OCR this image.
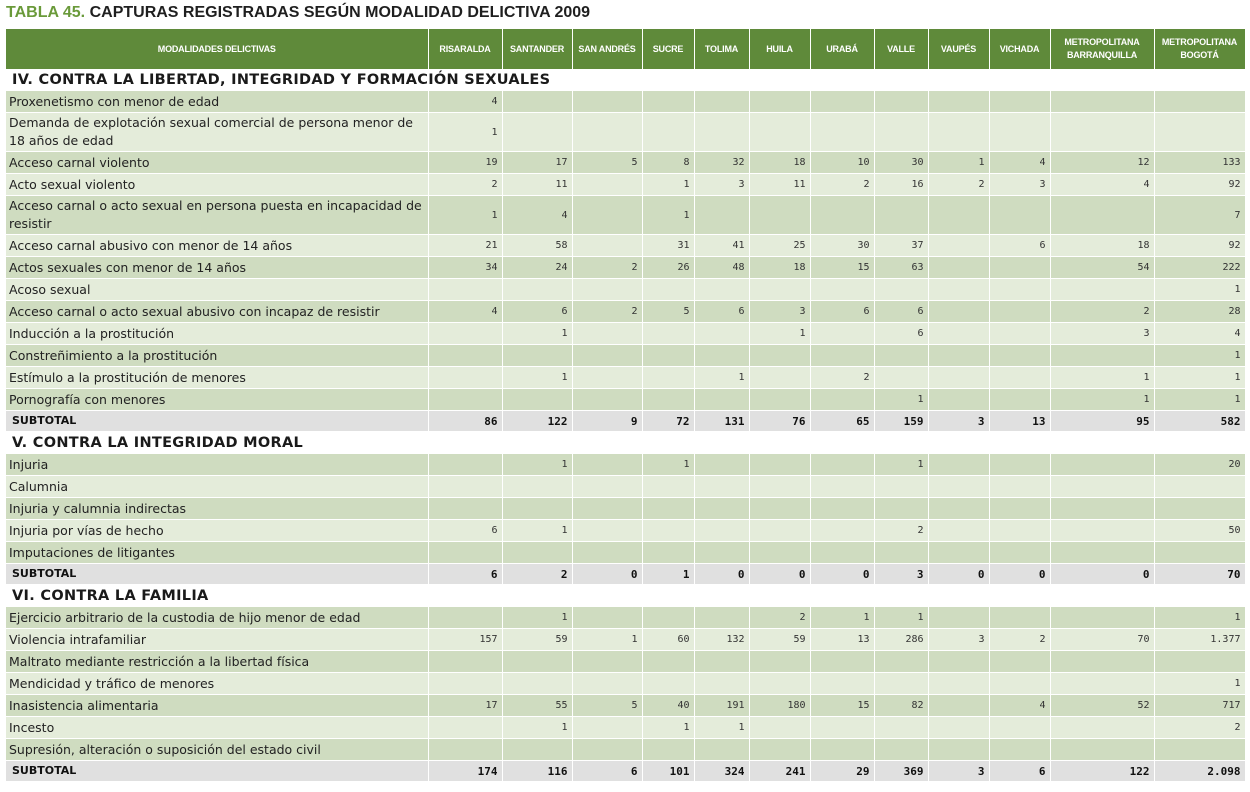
TABLA 45. CAPTURAS REGISTRADAS SEGÚN MODALIDAD DELICTIVA 2009
MODALIDADES DELICTIVAS	RISARALDA	SANTANDER	SAN ANDRÉS	SUCRE	TOLIMA	HUILA	URABÁ	VALLE	VAUPÉS	VICHADA	METROPOLITANA BARRANQUILLA	METROPOLITANA BOGOTÁ
IV. CONTRA LA LIBERTAD, INTEGRIDAD Y FORMACIÓN SEXUALES												
Proxenetismo con menor de edad	4											
Demanda de explotación sexual comercial de persona menor de 18 años de edad	1											
Acceso carnal violento	19	17	5	8	32	18	10	30	1	4	12	133
Acto sexual violento	2	11		1	3	11	2	16	2	3	4	92
Acceso carnal o acto sexual en persona puesta en incapacidad de resistir	1	4		1								7
Acceso carnal abusivo con menor de 14 años	21	58		31	41	25	30	37		6	18	92
Actos sexuales con menor de 14 años	34	24	2	26	48	18	15	63			54	222
Acoso sexual												1
Acceso carnal o acto sexual abusivo con incapaz de resistir	4	6	2	5	6	3	6	6			2	28
Inducción a la prostitución		1				1		6			3	4
Constreñimiento a la prostitución												1
Estímulo a la prostitución de menores		1			1		2				1	1
Pornografía con menores								1			1	1
SUBTOTAL	86	122	9	72	131	76	65	159	3	13	95	582
V. CONTRA LA INTEGRIDAD MORAL												
Injuria		1		1				1				20
Calumnia												
Injuria y calumnia indirectas												
Injuria por vías de hecho	6	1						2				50
Imputaciones de litigantes												
SUBTOTAL	6	2	0	1	0	0	0	3	0	0	0	70
VI. CONTRA LA FAMILIA												
Ejercicio arbitrario de la custodia de hijo menor de edad		1				2	1	1				1
Violencia intrafamiliar	157	59	1	60	132	59	13	286	3	2	70	1.377
Maltrato mediante restricción a la libertad física												
Mendicidad y tráfico de menores												1
Inasistencia alimentaria	17	55	5	40	191	180	15	82		4	52	717
Incesto		1		1	1							2
Supresión, alteración o suposición del estado civil												
SUBTOTAL	174	116	6	101	324	241	29	369	3	6	122	2.098
